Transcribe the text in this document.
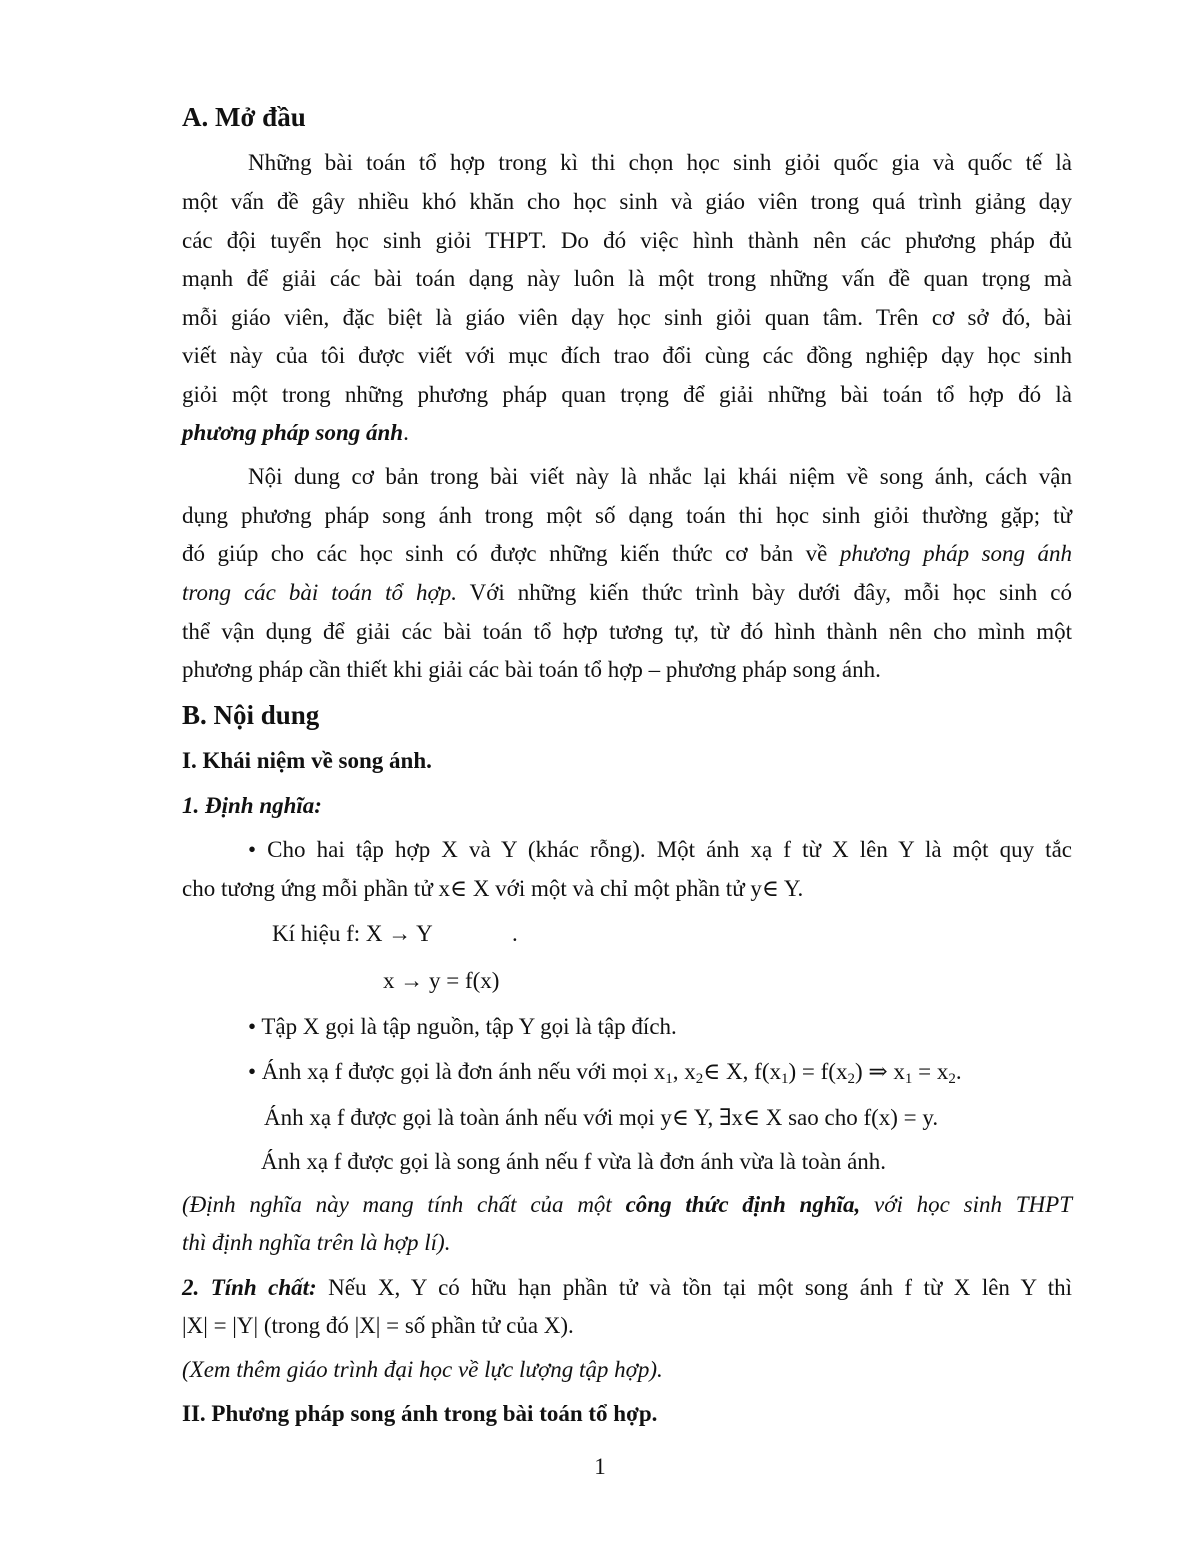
A. Mở đầu
Những bài toán tổ hợp trong kì thi chọn học sinh giỏi quốc gia và quốc tế là
một vấn đề gây nhiều khó khăn cho học sinh và giáo viên trong quá trình giảng dạy
các đội tuyển học sinh giỏi THPT. Do đó việc hình thành nên các phương pháp đủ
mạnh để giải các bài toán dạng này luôn là một trong những vấn đề quan trọng mà
mỗi giáo viên, đặc biệt là giáo viên dạy học sinh giỏi quan tâm. Trên cơ sở đó, bài
viết này của tôi được viết với mục đích trao đổi cùng các đồng nghiệp dạy học sinh
giỏi một trong những phương pháp quan trọng để giải những bài toán tổ hợp đó là
phương pháp song ánh.
Nội dung cơ bản trong bài viết này là nhắc lại khái niệm về song ánh, cách vận
dụng phương pháp song ánh trong một số dạng toán thi học sinh giỏi thường gặp; từ
đó giúp cho các học sinh có được những kiến thức cơ bản về phương pháp song ánh
trong các bài toán tổ hợp. Với những kiến thức trình bày dưới đây, mỗi học sinh có
thể vận dụng để giải các bài toán tổ hợp tương tự, từ đó hình thành nên cho mình một
phương pháp cần thiết khi giải các bài toán tổ hợp – phương pháp song ánh.
B. Nội dung
I. Khái niệm về song ánh.
1. Định nghĩa:
• Cho hai tập hợp X và Y (khác rỗng). Một ánh xạ f từ X lên Y là một quy tắc
cho tương ứng mỗi phần tử x∈ X với một và chỉ một phần tử y∈ Y.
Kí hiệu f: X → Y	.
x → y = f(x)
• Tập X gọi là tập nguồn, tập Y gọi là tập đích.
• Ánh xạ f được gọi là đơn ánh nếu với mọi $x_1$, $x_2\in$ X, $f(x_1) = f(x_2)$ ⇒ $x_1 = x_2$.
Ánh xạ f được gọi là toàn ánh nếu với mọi y∈ Y, ∃x∈ X sao cho f(x) = y.
Ánh xạ f được gọi là song ánh nếu f vừa là đơn ánh vừa là toàn ánh.
(Định nghĩa này mang tính chất của một công thức định nghĩa, với học sinh THPT
thì định nghĩa trên là hợp lí).
2. Tính chất: Nếu X, Y có hữu hạn phần tử và tồn tại một song ánh f từ X lên Y thì
|X| = |Y| (trong đó |X| = số phần tử của X).
(Xem thêm giáo trình đại học về lực lượng tập hợp).
II. Phương pháp song ánh trong bài toán tổ hợp.
1
